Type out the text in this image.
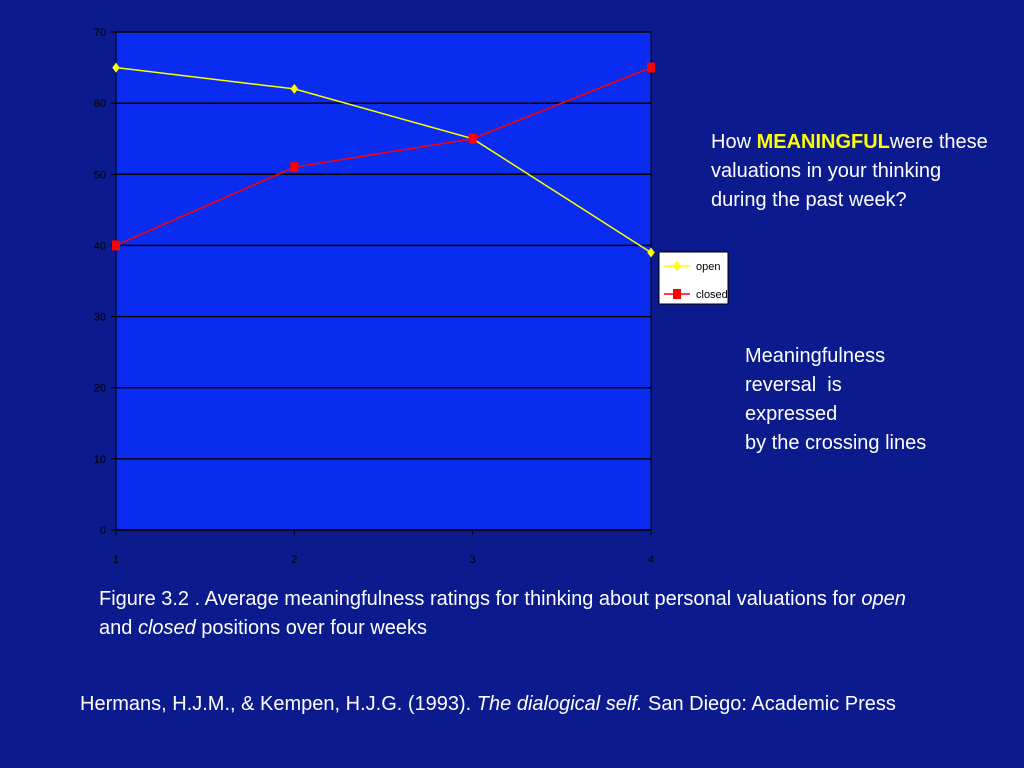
0
10
20
30
40
50
60
70
1	2	3	4
open
closed
How MEANINGFULwere these valuations in your thinking during the past week?
Meaningfulness
reversal  is
expressed
by the crossing lines
Figure 3.2 . Average meaningfulness ratings for thinking about personal valuations for open and closed positions over four weeks
Hermans, H.J.M., & Kempen, H.J.G. (1993). The dialogical self. San Diego: Academic Press
